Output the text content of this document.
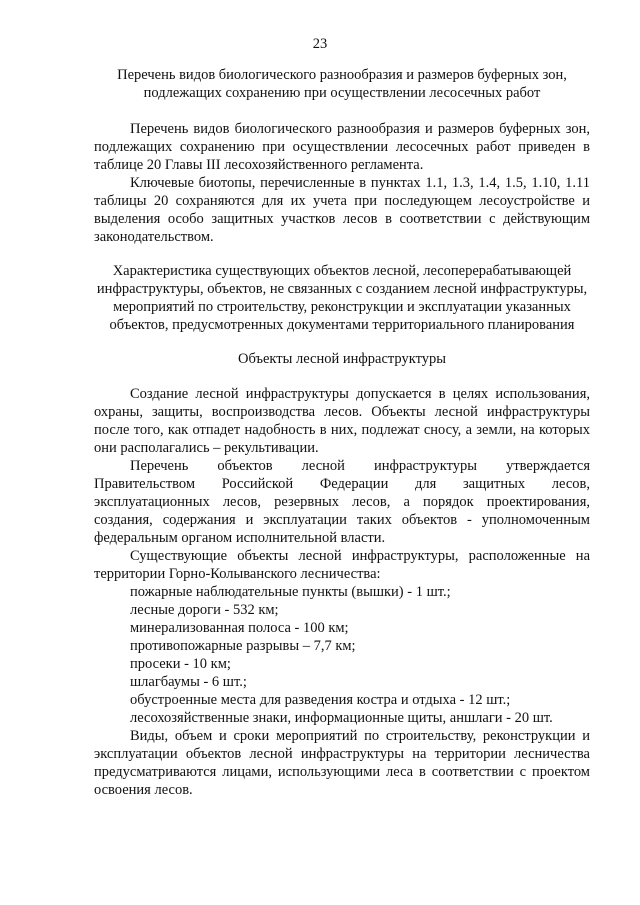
23

Перечень видов биологического разнообразия и размеров буферных зон, подлежащих сохранению при осуществлении лесосечных работ

Перечень видов биологического разнообразия и размеров буферных зон, подлежащих сохранению при осуществлении лесосечных работ приведен в таблице 20 Главы III лесохозяйственного регламента.

Ключевые биотопы, перечисленные в пунктах 1.1, 1.3, 1.4, 1.5, 1.10, 1.11 таблицы 20 сохраняются для их учета при последующем лесоустройстве и выделения особо защитных участков лесов в соответствии с действующим законодательством.

Характеристика существующих объектов лесной, лесоперерабатывающей инфраструктуры, объектов, не связанных с созданием лесной инфраструктуры, мероприятий по строительству, реконструкции и эксплуатации указанных объектов, предусмотренных документами территориального планирования

Объекты лесной инфраструктуры

Создание лесной инфраструктуры допускается в целях использования, охраны, защиты, воспроизводства лесов. Объекты лесной инфраструктуры после того, как отпадет надобность в них, подлежат сносу, а земли, на которых они располагались – рекультивации.

Перечень объектов лесной инфраструктуры утверждается Правительством Российской Федерации для защитных лесов, эксплуатационных лесов, резервных лесов, а порядок проектирования, создания, содержания и эксплуатации таких объектов - уполномоченным федеральным органом исполнительной власти.

Существующие объекты лесной инфраструктуры, расположенные на территории Горно-Колыванского лесничества:

пожарные наблюдательные пункты (вышки) - 1 шт.;
лесные дороги - 532 км;
минерализованная полоса - 100 км;
противопожарные разрывы – 7,7 км;
просеки - 10 км;
шлагбаумы - 6 шт.;
обустроенные места для разведения костра и отдыха - 12 шт.;
лесохозяйственные знаки, информационные щиты, аншлаги - 20 шт.

Виды, объем и сроки мероприятий по строительству, реконструкции и эксплуатации объектов лесной инфраструктуры на территории лесничества предусматриваются лицами, использующими леса в соответствии с проектом освоения лесов.
